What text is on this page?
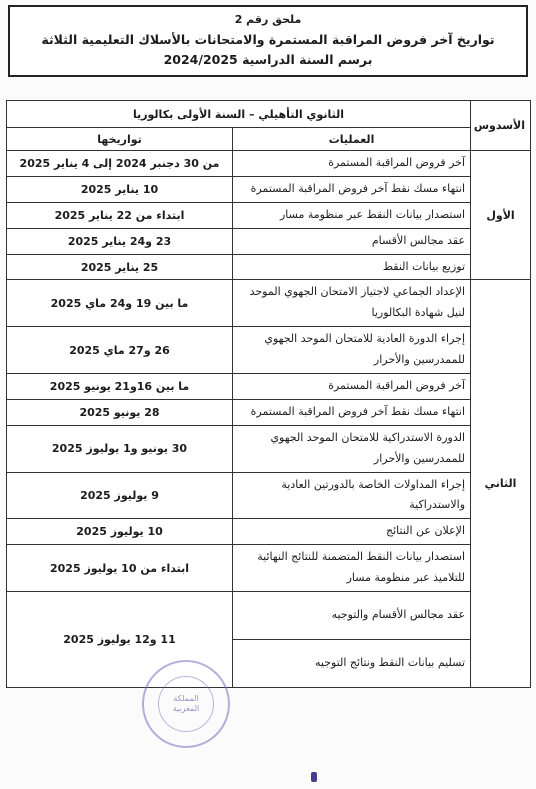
ملحق رقم 2
تواريخ آخر فروض المراقبة المستمرة والامتحانات بالأسلاك التعليمية الثلاثة
برسم السنة الدراسية 2024/2025
الأسدوس	الثانوي التأهيلي – السنة الأولى بكالوريا	
	العمليات	تواريخها
الأول	آخر فروض المراقبة المستمرة	من 30 دجنبر 2024 إلى 4 يناير 2025
	انتهاء مسك نقط آخر فروض المراقبة المستمرة	10 يناير 2025
	استصدار بيانات النقط عبر منظومة مسار	ابتداء من 22 يناير 2025
	عقد مجالس الأقسام	23 و24 يناير 2025
	توزيع بيانات النقط	25 يناير 2025
الثاني	الإعداد الجماعي لاجتياز الامتحان الجهوي الموحد لنيل شهادة البكالوريا	ما بين 19 و24 ماي 2025
	إجراء الدورة العادية للامتحان الموحد الجهوي للممدرسين والأحرار	26 و27 ماي 2025
	آخر فروض المراقبة المستمرة	ما بين 16و21 يونيو 2025
	انتهاء مسك نقط آخر فروض المراقبة المستمرة	28 يونيو 2025
	الدورة الاستدراكية للامتحان الموحد الجهوي للممدرسين والأحرار	30 يونيو و1 يوليوز 2025
	إجراء المداولات الخاصة بالدورتين العادية والاستدراكية	9 يوليوز 2025
	الإعلان عن النتائج	10 يوليوز 2025
	استصدار بيانات النقط المتضمنة للنتائج النهائية للتلاميذ عبر منظومة مسار	ابتداء من 10 يوليوز 2025
	عقد مجالس الأقسام والتوجيه	11 و12 يوليوز 2025
	تسليم بيانات النقط ونتائج التوجيه	
المملكة
المغربية
